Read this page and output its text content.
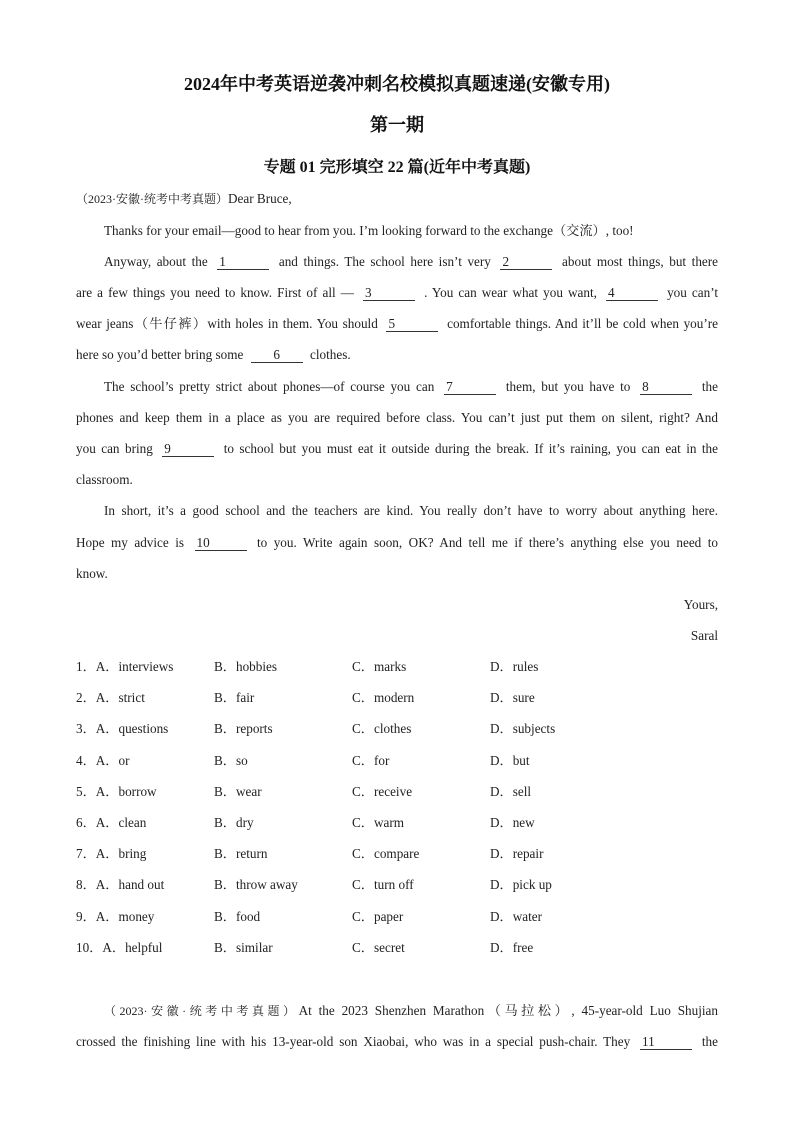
2024年中考英语逆袭冲刺名校模拟真题速递(安徽专用)
第一期
专题 01 完形填空 22 篇(近年中考真题)
（2023·安徽·统考中考真题）Dear Bruce,
Thanks for your email—good to hear from you. I’m looking forward to the exchange（交流）, too!
Anyway, about the 1	and things. The school here isn’t very 2	about most things, but there
are a few things you need to know. First of all — 3	. You can wear what you want, 4	you can’t
wear jeans（牛仔裤）with holes in them. You should 5	comfortable things. And it’ll be cold when you’re
here so you’d better bring some 6 clothes.
The school’s pretty strict about phones—of course you can 7	them, but you have to 8	the
phones and keep them in a place as you are required before class. You can’t just put them on silent, right? And
you can bring 9	to school but you must eat it outside during the break. If it’s raining, you can eat in the
classroom.
In short, it’s a good school and the teachers are kind. You really don’t have to worry about anything here.
Hope my advice is 10	to you. Write again soon, OK? And tell me if there’s anything else you need to
know.
Yours,
Saral
1．A．interviews	B．hobbies	C．marks	D．rules
2．A．strict	B．fair	C．modern	D．sure
3．A．questions	B．reports	C．clothes	D．subjects
4．A．or	B．so	C．for	D．but
5．A．borrow	B．wear	C．receive	D．sell
6．A．clean	B．dry	C．warm	D．new
7．A．bring	B．return	C．compare	D．repair
8．A．hand out	B．throw away	C．turn off	D．pick up
9．A．money	B．food	C．paper	D．water
10．A．helpful	B．similar	C．secret	D．free
（2023·安徽·统考中考真题）At the 2023 Shenzhen Marathon（马拉松）, 45-year-old Luo Shujian
crossed the finishing line with his 13-year-old son Xiaobai, who was in a special push-chair. They 11	the
